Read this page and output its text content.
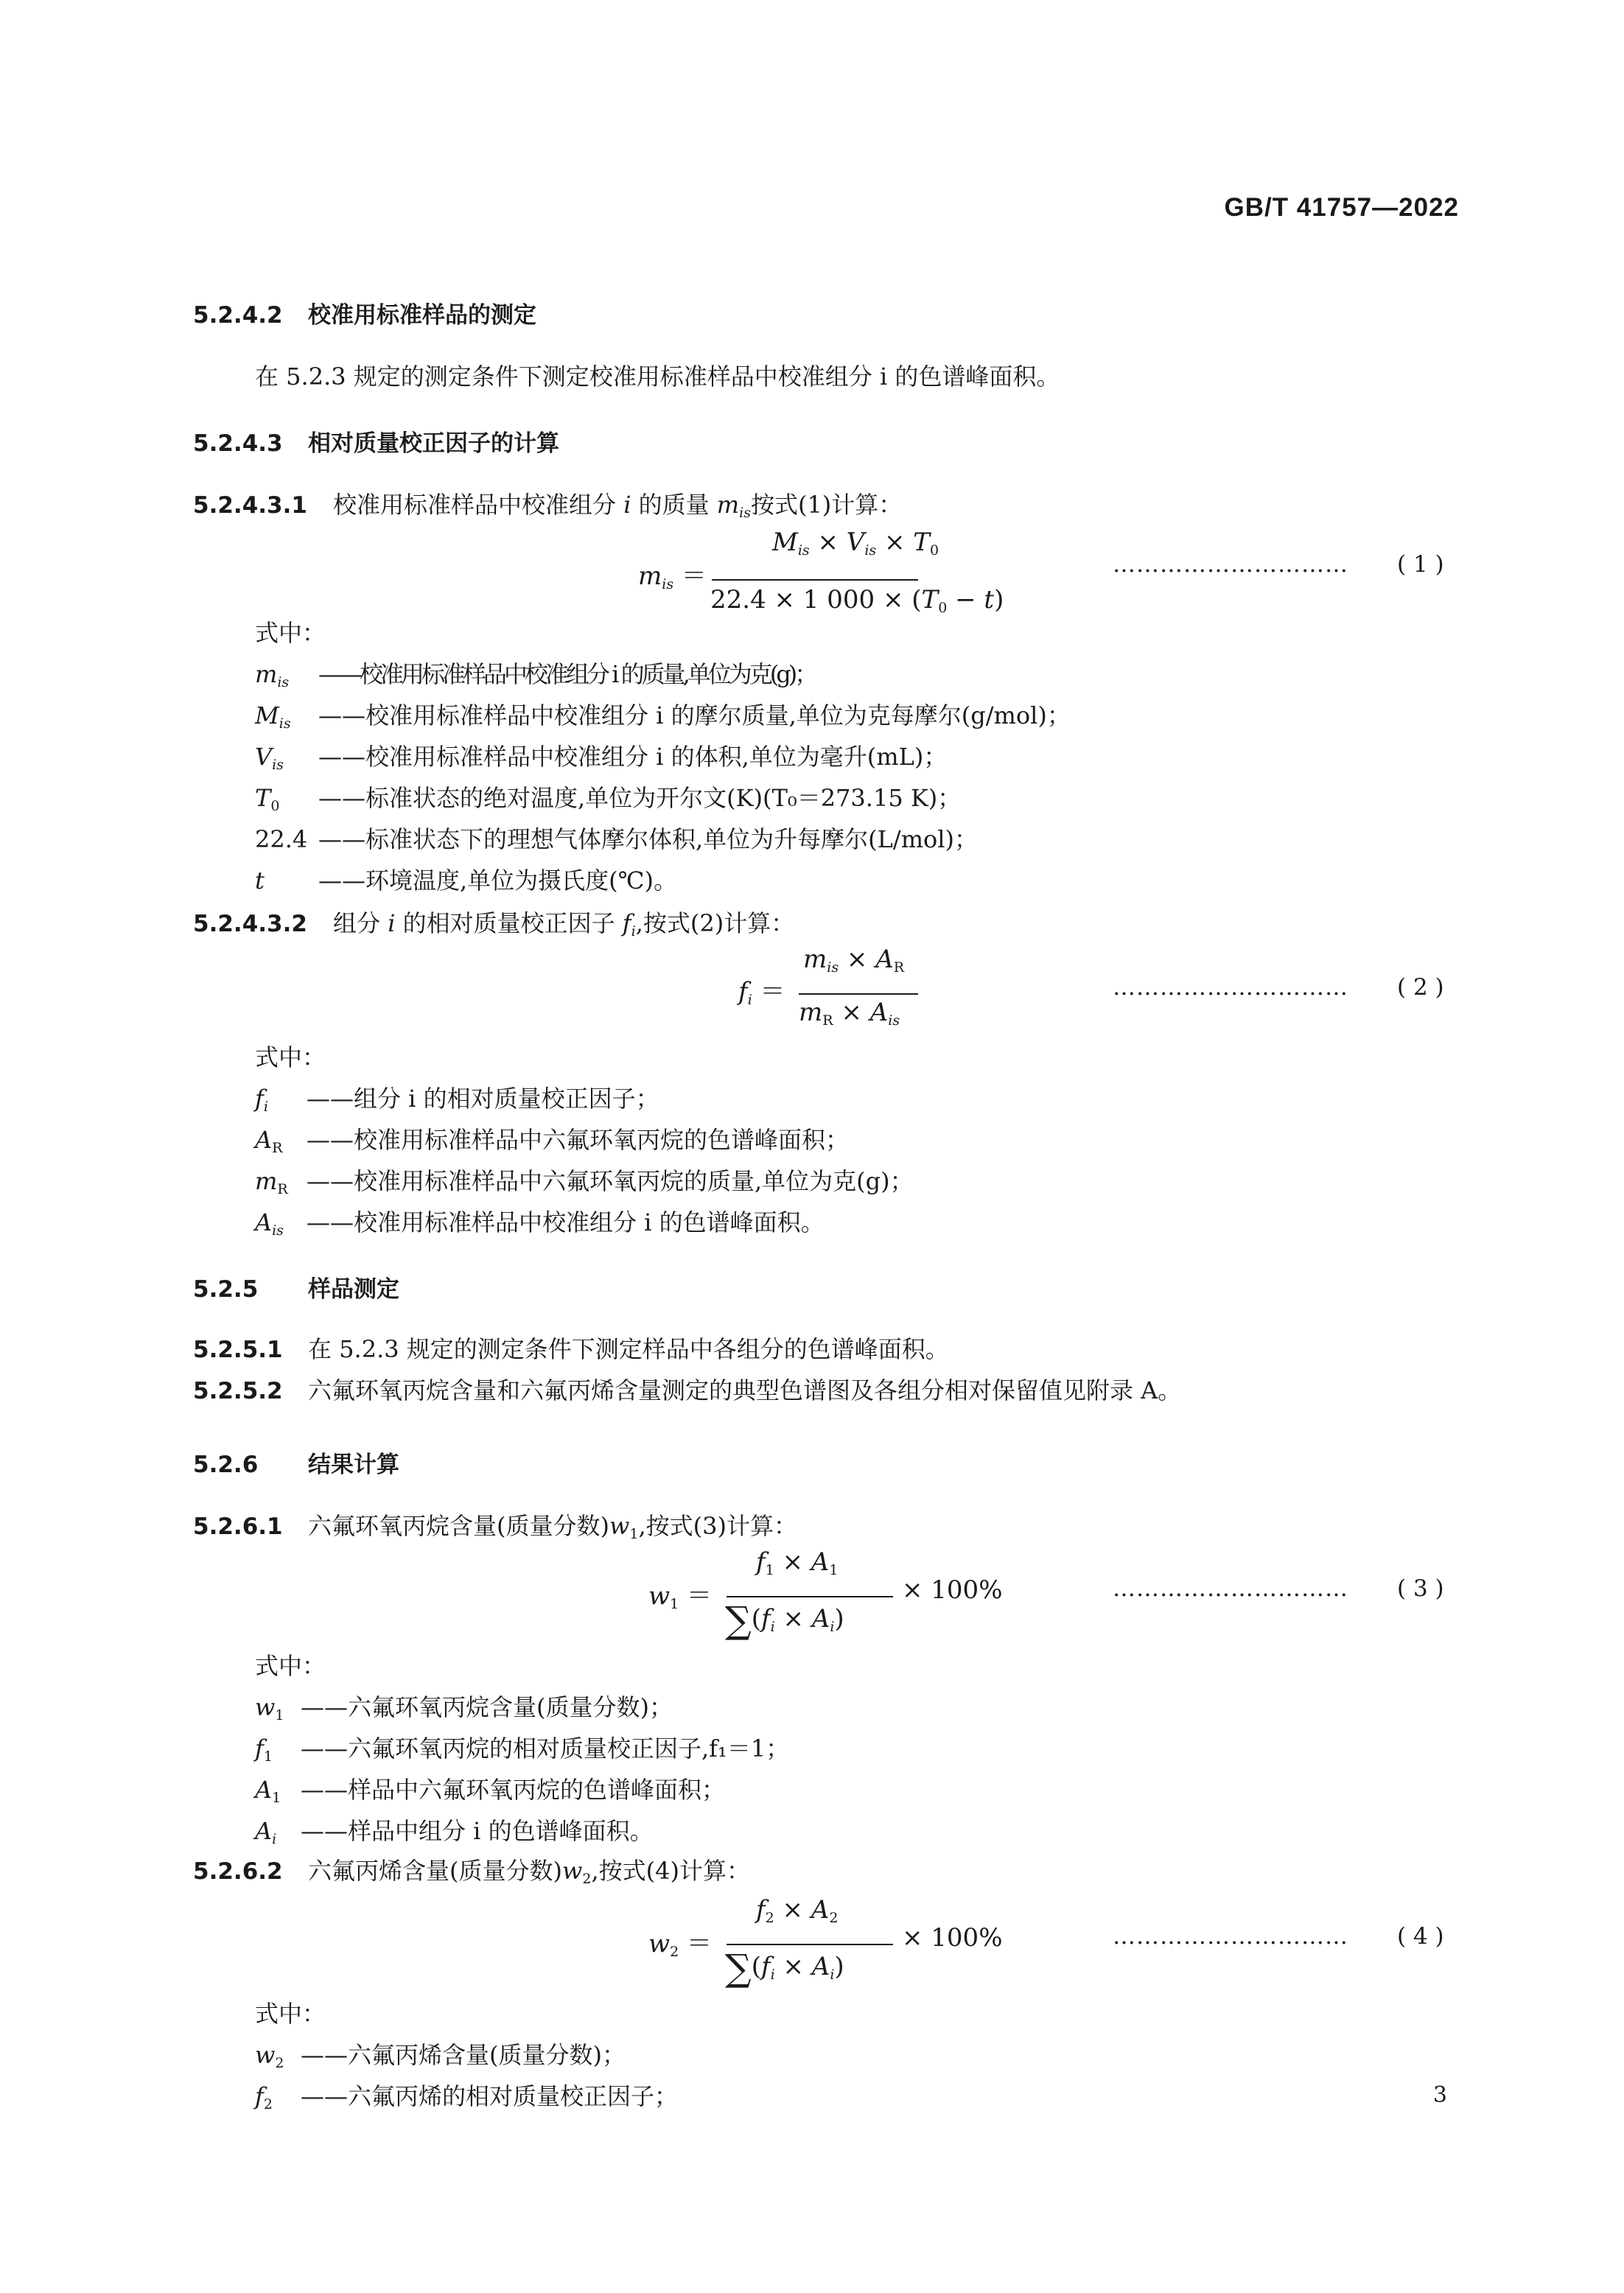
GB/T 41757—2022
5.2.4.2 校准用标准样品的测定
在 5.2.3 规定的测定条件下测定校准用标准样品中校准组分 i 的色谱峰面积。
5.2.4.3 相对质量校正因子的计算
5.2.4.3.1 校准用标准样品中校准组分 i 的质量 $m_{is}$按式(1)计算：
$m_{is}$ ＝
$M_{is} \times V_{is} \times T_0$
22.4 × 1 $000 \times (T_0 - t)$
………………………… ( 1 )
式中：
$m_{is}$ ——校准用标准样品中校准组分 i 的质量,单位为克(g)；
$M_{is}$ ——校准用标准样品中校准组分 i 的摩尔质量,单位为克每摩尔(g/mol)；
$V_{is}$ ——校准用标准样品中校准组分 i 的体积,单位为毫升(mL)；
$T_0$ ——标准状态的绝对温度,单位为开尔文(K)(T₀＝273.15 K)；
22.4 ——标准状态下的理想气体摩尔体积,单位为升每摩尔(L/mol)；
t ——环境温度,单位为摄氏度(℃)。
5.2.4.3.2 组分 i 的相对质量校正因子 $f_i$,按式(2)计算：
$f_i$ ＝
$m_{is} \times A_R$
$m_R \times A_{is}$
………………………… ( 2 )
式中：
$f_i$ ——组分 i 的相对质量校正因子；
$A_R$ ——校准用标准样品中六氟环氧丙烷的色谱峰面积；
$m_R$ ——校准用标准样品中六氟环氧丙烷的质量,单位为克(g)；
$A_{is}$ ——校准用标准样品中校准组分 i 的色谱峰面积。
5.2.5 样品测定
5.2.5.1 在 5.2.3 规定的测定条件下测定样品中各组分的色谱峰面积。
5.2.5.2 六氟环氧丙烷含量和六氟丙烯含量测定的典型色谱图及各组分相对保留值见附录 A。
5.2.6 结果计算
5.2.6.1 六氟环氧丙烷含量(质量分数)$w_1$,按式(3)计算：
$w_1$ ＝
$f_1 \times A_1$
$\sum(f_i \times A_i)$
× 100%	………………………… ( 3 )
式中：
$w_1$ ——六氟环氧丙烷含量(质量分数)；
$f_1$ ——六氟环氧丙烷的相对质量校正因子,f₁＝1；
$A_1$ ——样品中六氟环氧丙烷的色谱峰面积；
$A_i$ ——样品中组分 i 的色谱峰面积。
5.2.6.2 六氟丙烯含量(质量分数)$w_2$,按式(4)计算：
$w_2$ ＝
$f_2 \times A_2$
$\sum(f_i \times A_i)$
× 100%	………………………… ( 4 )
式中：
$w_2$ ——六氟丙烯含量(质量分数)；
$f_2$ ——六氟丙烯的相对质量校正因子；	3
